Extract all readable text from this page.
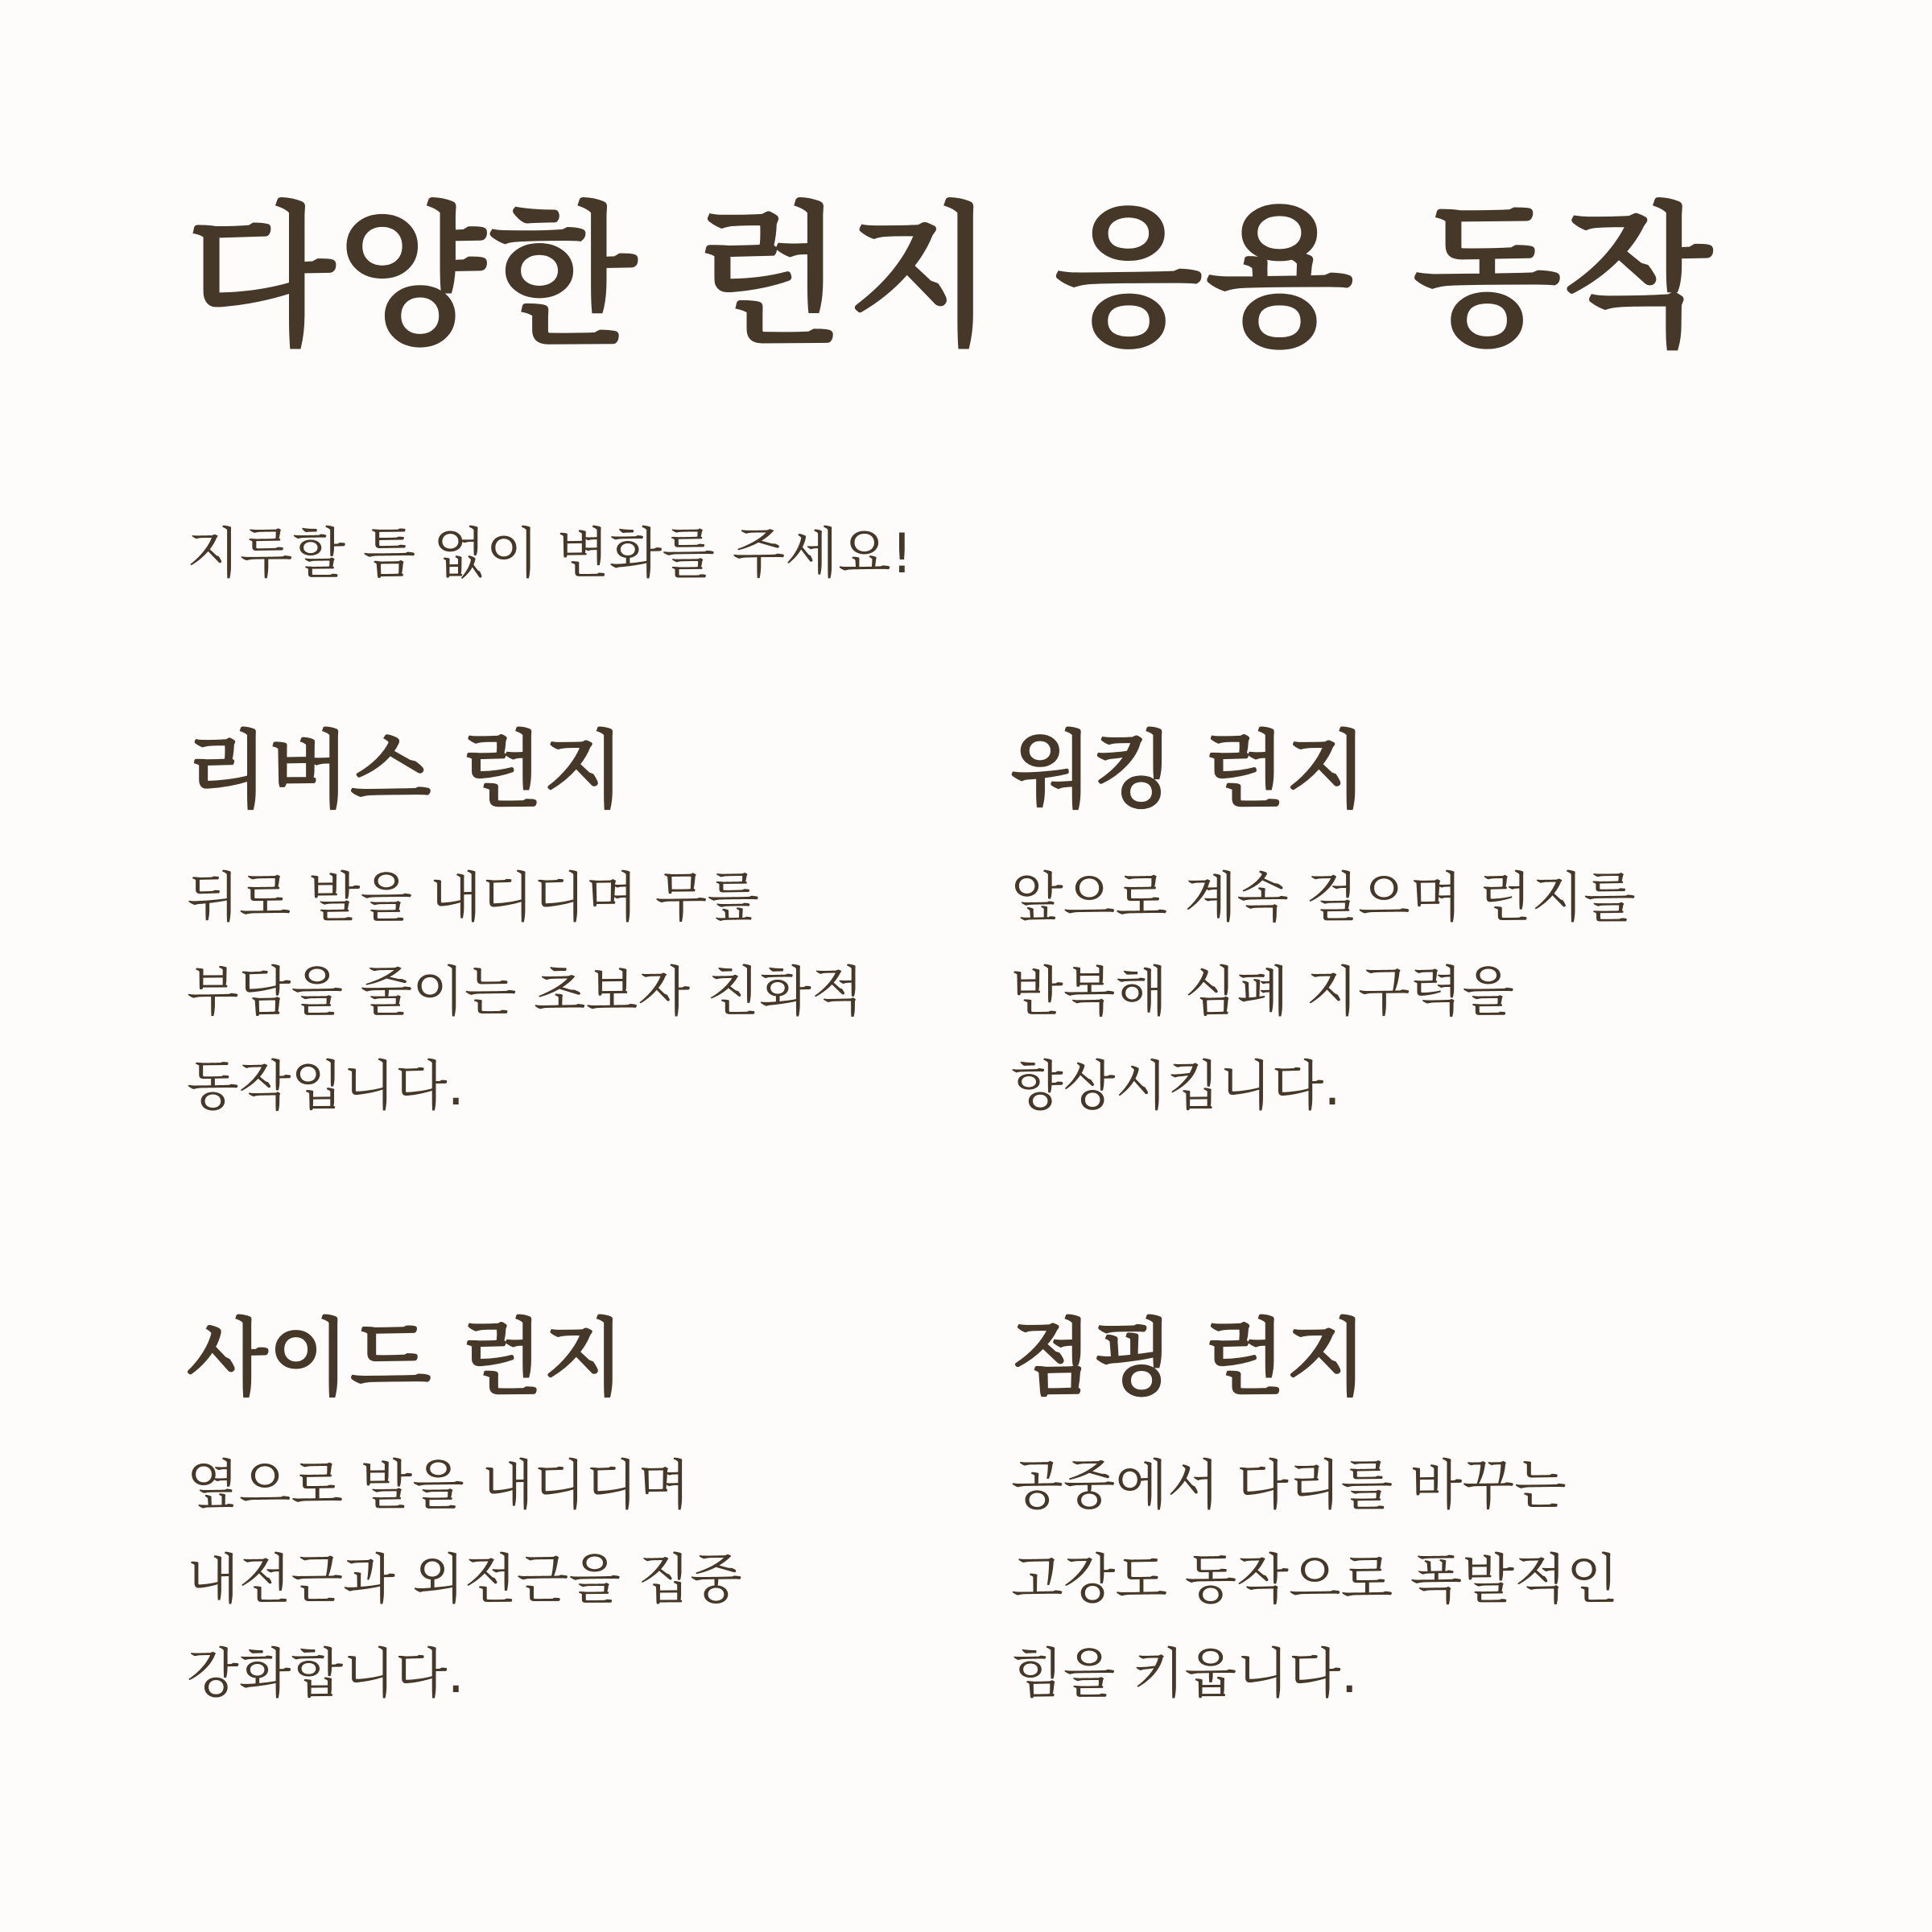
다양한 런지 응용 동작

지루할 틈 없이 변화를 주세요!

리버스 런지

뒤로 발을 내디디며 무릎 부담을 줄이는 초보자 친화적 동작입니다.

워킹 런지

앞으로 계속 걸으며 런지를 반복해 심폐 지구력을 향상시킵니다.

사이드 런지

옆으로 발을 내디디며 내전근과 외전근을 집중 강화합니다.

점핑 런지

공중에서 다리를 바꾸는 고강도 동작으로 폭발적인 힘을 키웁니다.
